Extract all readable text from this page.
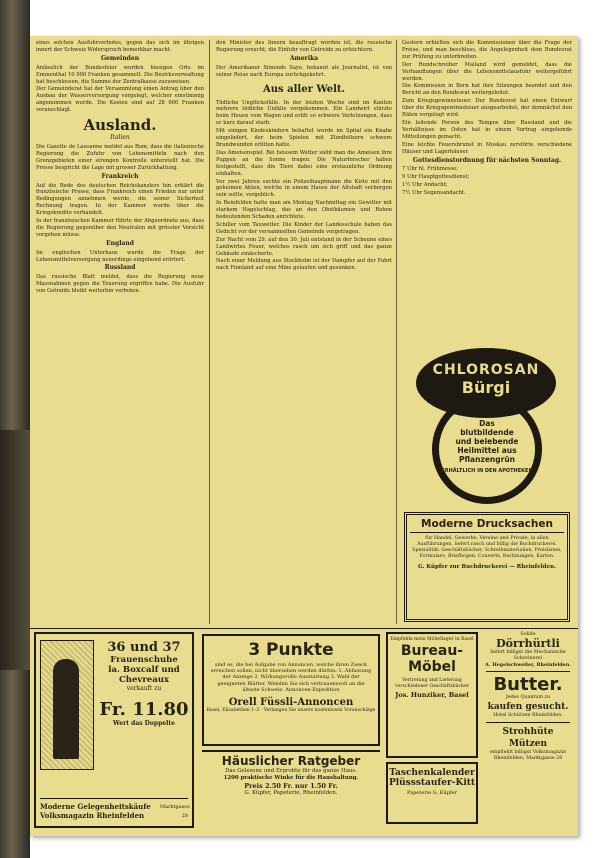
eines solchen Ausfuhrverbotes, gegen das sich im übrigen innert der Schweiz Widerspruch bemerkbar macht.

Gemeinden

Anlässlich der Bundesfeier wurden hiesigen Orts im Emmenthal 10 000 Franken gesammelt. Die Bezirksverwaltung hat beschlossen, die Summe der Zentralkasse zuzuweisen.

Der Gemeinderat hat der Versammlung einen Antrag über den Ausbau der Wasserversorgung vorgelegt, welcher einstimmig angenommen wurde. Die Kosten sind auf 28 000 Franken veranschlagt.

Ausland.
Italien

Die Gazette de Lausanne meldet aus Rom, dass die italienische Regierung die Zufuhr von Lebensmitteln nach den Grenzgebieten einer strengen Kontrolle unterstellt hat. Die Presse bespricht die Lage mit grosser Zurückhaltung.

Frankreich

Auf die Rede des deutschen Reichskanzlers hin erklärt die französische Presse, dass Frankreich einen Frieden nur unter Bedingungen annehmen werde, die seiner Sicherheit Rechnung tragen. In der Kammer wurde über die Kriegskredite verhandelt.

In der französischen Kammer führte der Abgeordnete aus, dass die Regierung gegenüber den Neutralen mit grösster Vorsicht vorgehen müsse.

England

Im englischen Unterhaus wurde die Frage der Lebensmittelversorgung neuerdings eingehend erörtert.

Russland

Das russische Blatt meldet, dass die Regierung neue Massnahmen gegen die Teuerung ergriffen habe. Die Ausfuhr von Getreide bleibt weiterhin verboten.

den Minister des Innern beauftragt worden ist, die russische Regierung ersucht, die Einfuhr von Getreide zu erleichtern.

Amerika

Der Amerikaner Simonds Saye, bekannt als Journalist, ist von seiner Reise nach Europa zurückgekehrt.

Aus aller Welt.

Tödliche Unglücksfälle. In der letzten Woche sind im Kanton mehrere tödliche Unfälle vorgekommen. Ein Landwirt stürzte beim Heuen vom Wagen und erlitt so schwere Verletzungen, dass er kurz darauf starb.

Mit einigen Kindeskindern behaftet wurde im Spital ein Knabe eingeliefert, der beim Spielen mit Zündhölzern schwere Brandwunden erlitten hatte.

Das Ameisenspiel. Bei heissem Wetter sieht man die Ameisen ihre Puppen an die Sonne tragen. Die Naturforscher haben festgestellt, dass die Tiere dabei eine erstaunliche Ordnung einhalten.

Vor zwei Jahren suchte ein Polizeihauptmann die Kiste mit den geheimen Akten, welche in einem Hause der Altstadt verborgen sein sollte, vergeblich.

In Reinfelden hatte man am Montag Nachmittag ein Gewitter mit starkem Hagelschlag, das an den Obstbäumen und Reben bedeutenden Schaden anrichtete.

Schiller vom Tauwetter. Die Kinder der Landesschule haben das Gedicht vor der versammelten Gemeinde vorgetragen.

Zur Nacht vom 29. auf den 30. Juli entstand in der Scheune eines Landwirtes Feuer, welches rasch um sich griff und das ganze Gebäude einäscherte.

Nach einer Meldung aus Stockholm ist der Dampfer auf der Fahrt nach Finnland auf eine Mine gelaufen und gesunken.

Gestern erhielten sich die Kommissionen über die Frage der Preise, und man beschloss, die Angelegenheit dem Bundesrat zur Prüfung zu unterbreiten.

Der Rundschreiber Mailand wird gemeldet, dass die Verhandlungen über die Lebensmittelausfuhr weitergeführt werden.

Die Kommission in Bern hat ihre Sitzungen beendet und den Bericht an den Bundesrat weitergeleitet.

Zum Kriegsgewinnsteuer. Der Bundesrat hat einen Entwurf über die Kriegsgewinnsteuer ausgearbeitet, der demnächst den Räten vorgelegt wird.

Ein leitende Person des Tempos über Russland und die Verhältnisse im Osten hat in einem Vortrag eingehende Mitteilungen gemacht.

Eine leichte Feuersbrunst in Moskau zerstörte verschiedene Häuser und Lagerhäuser.

Gottesdienstordnung für nächsten Sonntag.

7 Uhr hl. Frühmesse;

9 Uhr Hauptgottesdienst;

1½ Uhr Andacht;

7½ Uhr Segensandacht.

Das
blutbildende
und belebende
Heilmittel aus
Pflanzengrün
ERHÄLTLICH IN DEN APOTHEKEN
CHLOROSAN
Bürgi
Moderne Drucksachen
für Handel, Gewerbe, Vereine und Private, in allen Ausführungen, liefert rasch und billig die Buchdruckerei. Spezialität: Geschäftsbücher, Schreibmaterialien, Preislisten, Formulare, Briefbogen, Couverts, Rechnungen, Karten.
G. Küpfer zur Buchdruckerei — Rheinfelden.
36 und 37
Frauenschuhe
la. Boxcalf und
Chevreaux
verkauft zu
Fr. 11.80
Wert das Doppelte
Moderne Gelegenheitskäufe
Volksmagazin Rheinfelden
Marktgasse 28
3 Punkte
sind es, die bei Aufgabe von Annoncen, welche ihren Zweck erreichen sollen, nicht übersehen werden dürfen: 1. Abfassung der Anzeige 2. Wirkungsvolle Ausstattung 3. Wahl der geeigneten Blätter. Wenden Sie sich vertrauensvoll an die älteste Schweiz. Annoncen-Expedition
Orell Füssli-Annoncen
Basel, Elisabethen 1–3 · Verlangen Sie unsere kostenlosen Voranschläge
Häuslicher Ratgeber
Das Gelesene und Erprobte für das ganze Haus.
1200 praktische Winke für die Haushaltung.
Preis 2.50 Fr. nur 1.50 Fr.
G. Küpfer, Papeterie, Rheinfelden.
Empfehle mein Möbellager in Basel
Bureau-
Möbel
Vertretung und Lieferung verschiedener Geschäftsbücher
Jos. Hunziker, Basel
Taschenkalender Plüssstaufer-Kitt
Papeterie G. Küpfer
Solide
Dörrhürtli
liefert billigst die Mechanische Schreinerei
A. Hegelschweiler, Rheinfelden.
Butter.
Jedes Quantum zu
kaufen gesucht.
Hotel Schützen Rheinfelden.
Strohhüte Mützen
empfiehlt billigst Volksmagazin Rheinfelden, Marktgasse 28
